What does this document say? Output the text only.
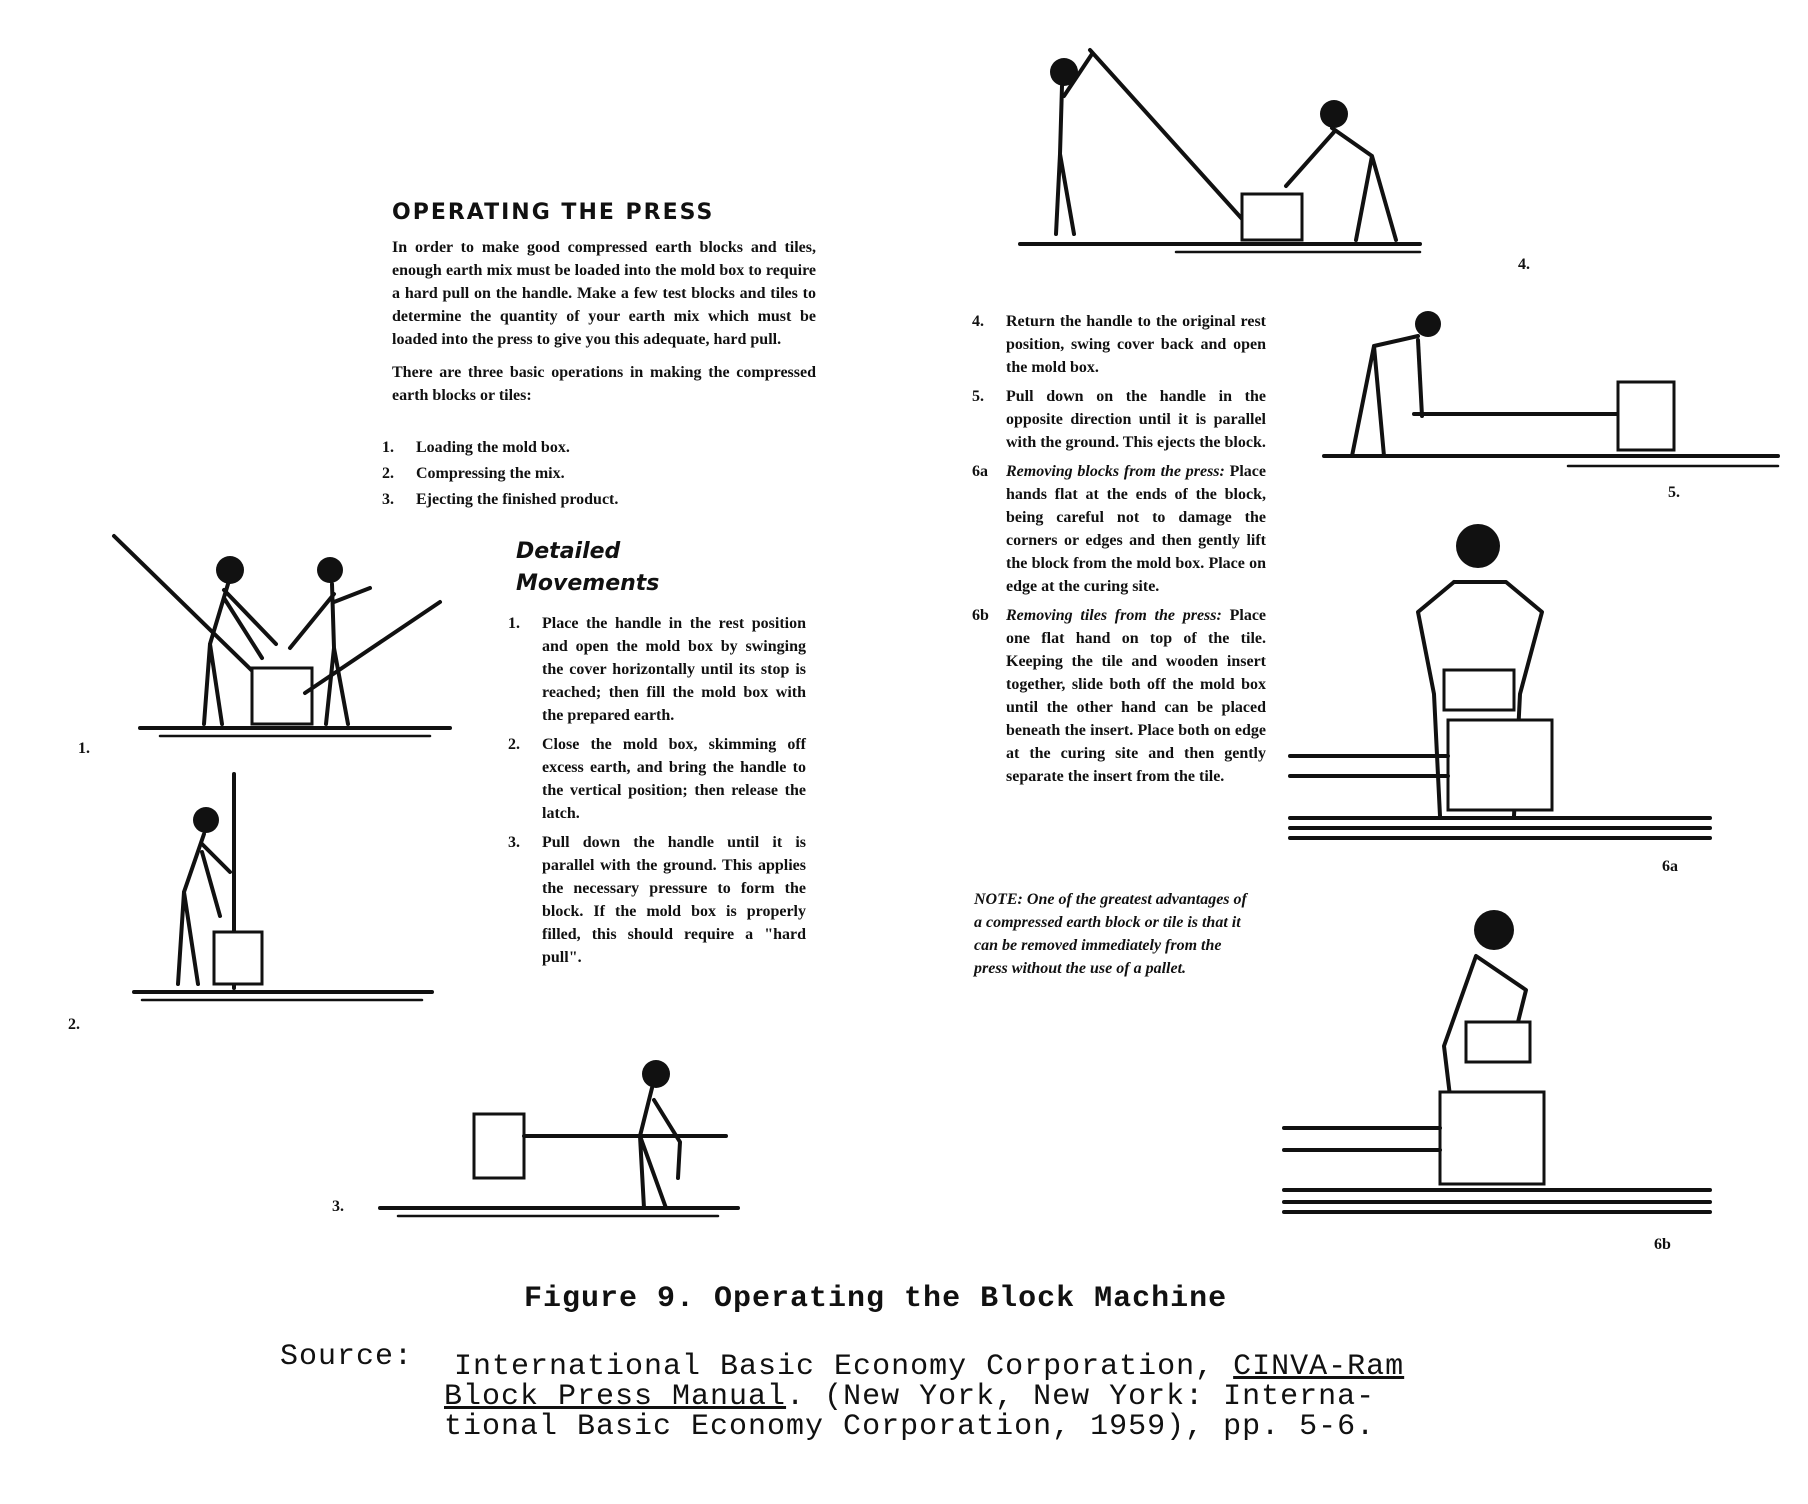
OPERATING THE PRESS

In order to make good compressed earth blocks and tiles, enough earth mix must be loaded into the mold box to require a hard pull on the handle. Make a few test blocks and tiles to determine the quantity of your earth mix which must be loaded into the press to give you this adequate, hard pull.

There are three basic operations in making the compressed earth blocks or tiles:

1. Loading the mold box.
2. Compressing the mix.
3. Ejecting the finished product.
Detailed
Movements
1. Place the handle in the rest position and open the mold box by swinging the cover horizontally until its stop is reached; then fill the mold box with the prepared earth.
2. Close the mold box, skimming off excess earth, and bring the handle to the vertical position; then release the latch.
3. Pull down the handle until it is parallel with the ground. This applies the necessary pressure to form the block. If the mold box is properly filled, this should require a "hard pull".
4. Return the handle to the original rest position, swing cover back and open the mold box.
5. Pull down on the handle in the opposite direction until it is parallel with the ground. This ejects the block.
6a Removing blocks from the press: Place hands flat at the ends of the block, being careful not to damage the corners or edges and then gently lift the block from the mold box. Place on edge at the curing site.
6b Removing tiles from the press: Place one flat hand on top of the tile. Keeping the tile and wooden insert together, slide both off the mold box until the other hand can be placed beneath the insert. Place both on edge at the curing site and then gently separate the insert from the tile.
NOTE: One of the greatest advantages of a compressed earth block or tile is that it can be removed immediately from the press without the use of a pallet.
1.
2.
3.
4.
5.
6a
6b
Figure 9. Operating the Block Machine
Source: International Basic Economy Corporation, CINVA-Ram
Block Press Manual. (New York, New York: Interna-
tional Basic Economy Corporation, 1959), pp. 5-6.
